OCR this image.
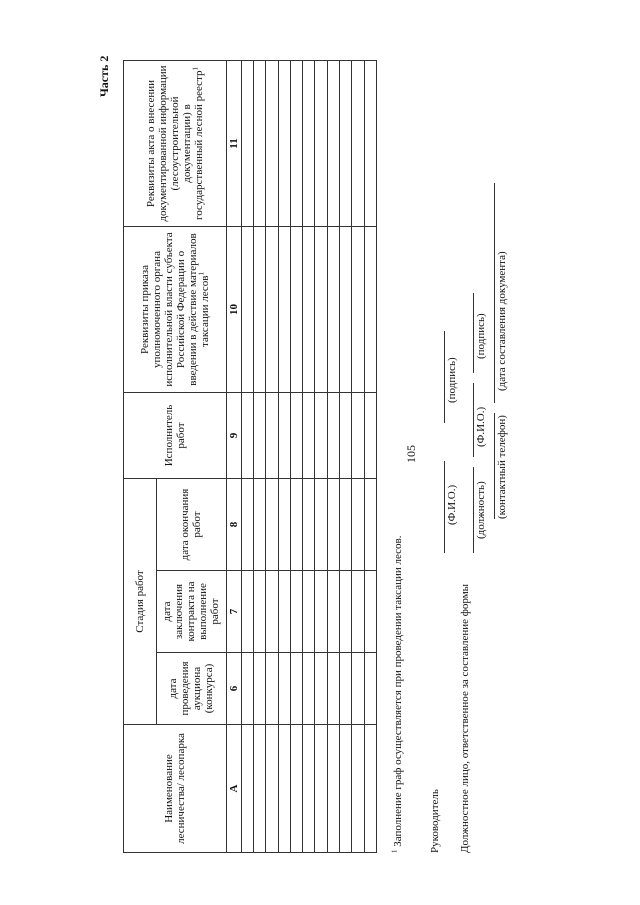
105
Часть 2
Наименование лесничества/ лесопарка	Стадия работ			Исполнитель работ	Реквизиты приказа уполномоченного органа исполнительной власти субъекта Российской Федерации о введении в действие материалов таксации лесов$^1$	Реквизиты акта о внесении документированной информации (лесоустроительной документации) в государственный лесной реестр$^1$
	дата проведения аукциона (конкурса)	дата заключения контракта на выполнение работ	дата окончания работ			
А	6	7	8	9	10	11

$^1$ Заполнение граф осуществляется при проведении таксации лесов. Руководитель
(Ф.И.О.)
(подпись)
Должностное лицо, ответственное за составление формы
(должность)
(Ф.И.О.)
(подпись)
(контактный телефон)
(дата составления документа)
